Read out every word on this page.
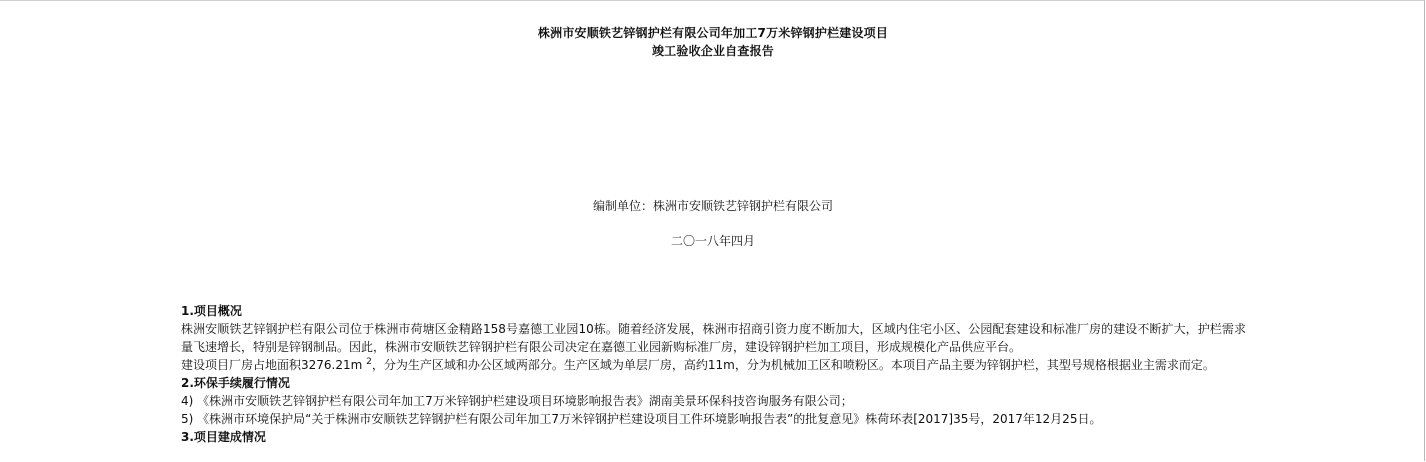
株洲市安顺铁艺锌钢护栏有限公司年加工7万米锌钢护栏建设项目
竣工验收企业自查报告
编制单位：株洲市安顺铁艺锌钢护栏有限公司
二〇一八年四月

1.项目概况

株洲安顺铁艺锌钢护栏有限公司位于株洲市荷塘区金精路158号嘉德工业园10栋。随着经济发展，株洲市招商引资力度不断加大，区域内住宅小区、公园配套建设和标准厂房的建设不断扩大，护栏需求量飞速增长，特别是锌钢制品。因此，株洲市安顺铁艺锌钢护栏有限公司决定在嘉德工业园新购标准厂房，建设锌钢护栏加工项目，形成规模化产品供应平台。

建设项目厂房占地面积3276.21m $^2$，分为生产区域和办公区域两部分。生产区域为单层厂房，高约11m，分为机械加工区和喷粉区。本项目产品主要为锌钢护栏，其型号规格根据业主需求而定。

2.环保手续履行情况

4) 《株洲市安顺铁艺锌钢护栏有限公司年加工7万米锌钢护栏建设项目环境影响报告表》湖南美景环保科技咨询服务有限公司；

5) 《株洲市环境保护局“关于株洲市安顺铁艺锌钢护栏有限公司年加工7万米锌钢护栏建设项目工件环境影响报告表”的批复意见》株荷环表[2017]35号，2017年12月25日。

3.项目建成情况
